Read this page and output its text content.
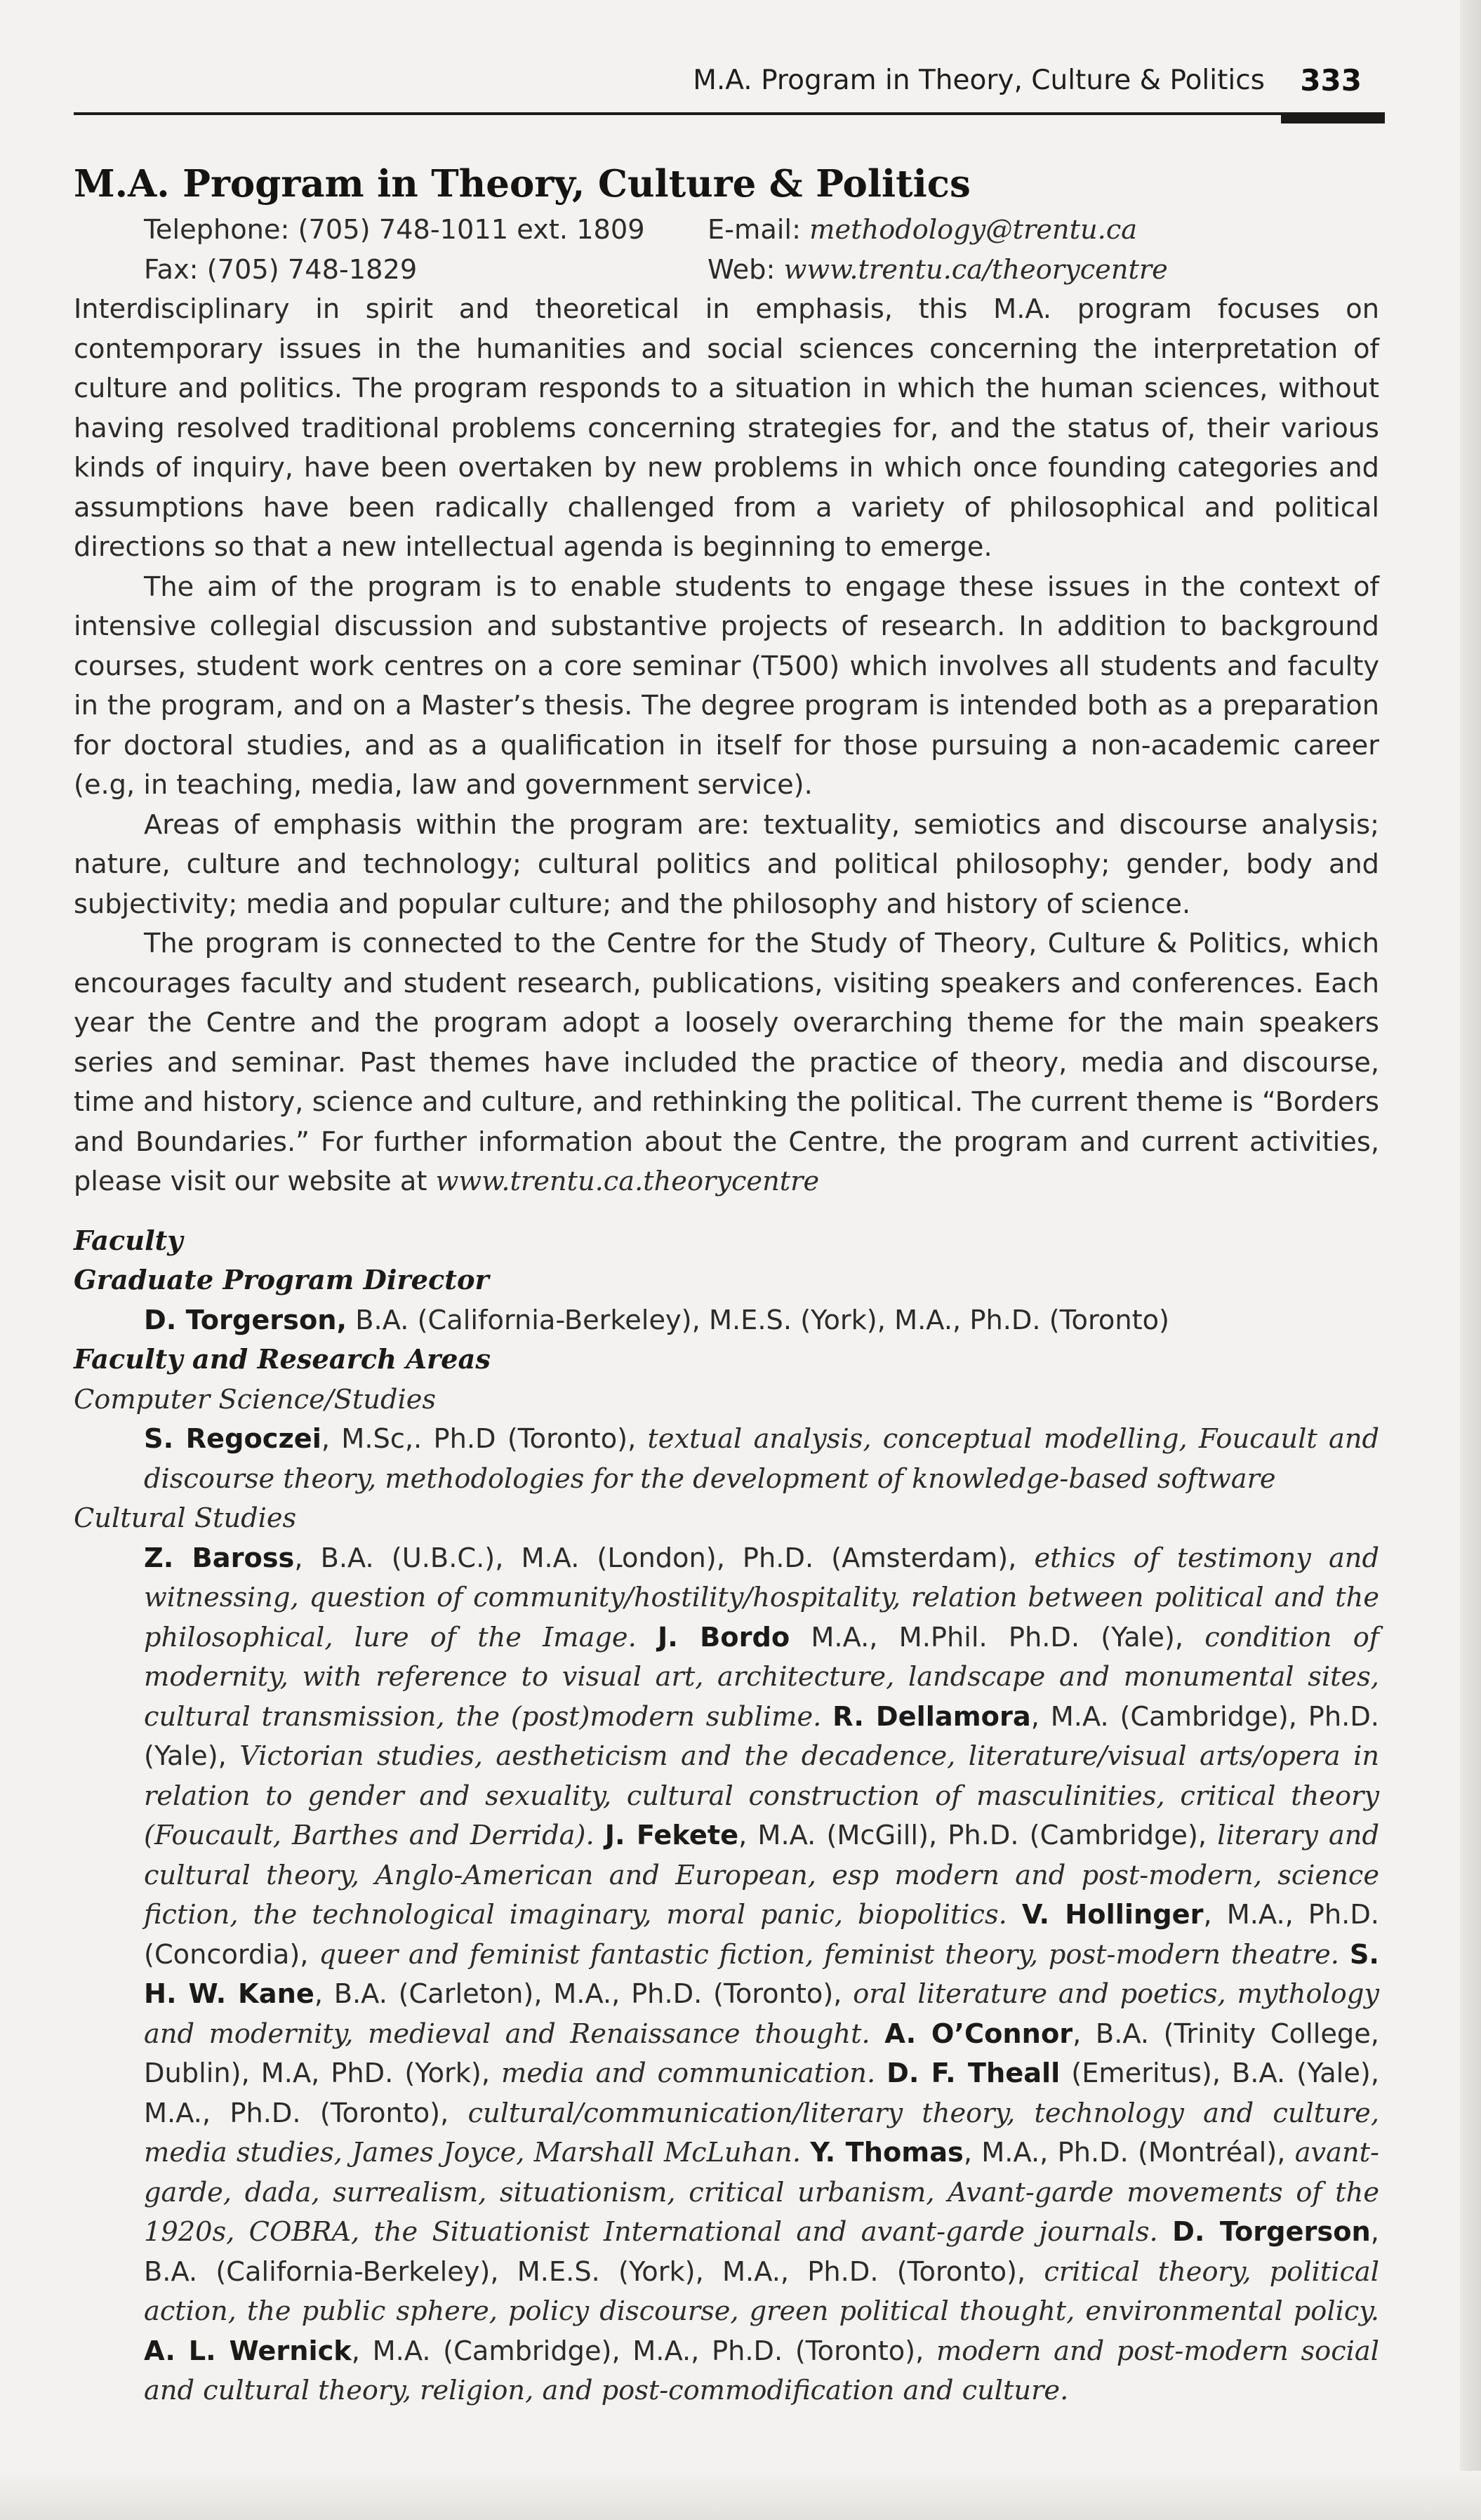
M.A. Program in Theory, Culture & Politics 333
M.A. Program in Theory, Culture & Politics
Telephone: (705) 748-1011 ext. 1809
Fax: (705) 748-1829
E-mail: methodology@trentu.ca
Web: www.trentu.ca/theorycentre

Interdisciplinary in spirit and theoretical in emphasis, this M.A. program focuses on contemporary issues in the humanities and social sciences concerning the interpretation of culture and politics. The program responds to a situation in which the human sciences, without having resolved traditional problems concerning strategies for, and the status of, their various kinds of inquiry, have been overtaken by new problems in which once founding categories and assumptions have been radically challenged from a variety of philosophical and political directions so that a new intellectual agenda is beginning to emerge.

The aim of the program is to enable students to engage these issues in the context of intensive collegial discussion and substantive projects of research. In addition to background courses, student work centres on a core seminar (T500) which involves all students and faculty in the program, and on a Master’s thesis. The degree program is intended both as a preparation for doctoral studies, and as a qualification in itself for those pursuing a non-academic career (e.g, in teaching, media, law and government service).

Areas of emphasis within the program are: textuality, semiotics and discourse analysis; nature, culture and technology; cultural politics and political philosophy; gender, body and subjectivity; media and popular culture; and the philosophy and history of science.

The program is connected to the Centre for the Study of Theory, Culture & Politics, which encourages faculty and student research, publications, visiting speakers and conferences. Each year the Centre and the program adopt a loosely overarching theme for the main speakers series and seminar. Past themes have included the practice of theory, media and discourse, time and history, science and culture, and rethinking the political. The current theme is “Borders and Boundaries.” For further information about the Centre, the program and current activities, please visit our website at www.trentu.ca.theorycentre

Faculty
Graduate Program Director
D. Torgerson, B.A. (California-Berkeley), M.E.S. (York), M.A., Ph.D. (Toronto)
Faculty and Research Areas
Computer Science/Studies
S. Regoczei, M.Sc,. Ph.D (Toronto), textual analysis, conceptual modelling, Foucault and discourse theory, methodologies for the development of knowledge-based software
Cultural Studies
Z. Baross, B.A. (U.B.C.), M.A. (London), Ph.D. (Amsterdam), ethics of testimony and witnessing, question of community/hostility/hospitality, relation between political and the philosophical, lure of the Image. J. Bordo M.A., M.Phil. Ph.D. (Yale), condition of modernity, with reference to visual art, architecture, landscape and monumental sites, cultural transmission, the (post)modern sublime. R. Dellamora, M.A. (Cambridge), Ph.D. (Yale), Victorian studies, aestheticism and the decadence, literature/visual arts/opera in relation to gender and sexuality, cultural construction of masculinities, critical theory (Foucault, Barthes and Derrida). J. Fekete, M.A. (McGill), Ph.D. (Cambridge), literary and cultural theory, Anglo-American and European, esp modern and post-modern, science fiction, the technological imaginary, moral panic, biopolitics. V. Hollinger, M.A., Ph.D. (Concordia), queer and feminist fantastic fiction, feminist theory, post-modern theatre. S. H. W. Kane, B.A. (Carleton), M.A., Ph.D. (Toronto), oral literature and poetics, mythology and modernity, medieval and Renaissance thought. A. O’Connor, B.A. (Trinity College, Dublin), M.A, PhD. (York), media and communication. D. F. Theall (Emeritus), B.A. (Yale), M.A., Ph.D. (Toronto), cultural/communication/literary theory, technology and culture, media studies, James Joyce, Marshall McLuhan. Y. Thomas, M.A., Ph.D. (Montréal), avant-garde, dada, surrealism, situationism, critical urbanism, Avant-garde movements of the 1920s, COBRA, the Situationist International and avant-garde journals. D. Torgerson, B.A. (California-Berkeley), M.E.S. (York), M.A., Ph.D. (Toronto), critical theory, political action, the public sphere, policy discourse, green political thought, environmental policy. A. L. Wernick, M.A. (Cambridge), M.A., Ph.D. (Toronto), modern and post-modern social and cultural theory, religion, and post-commodification and culture.
